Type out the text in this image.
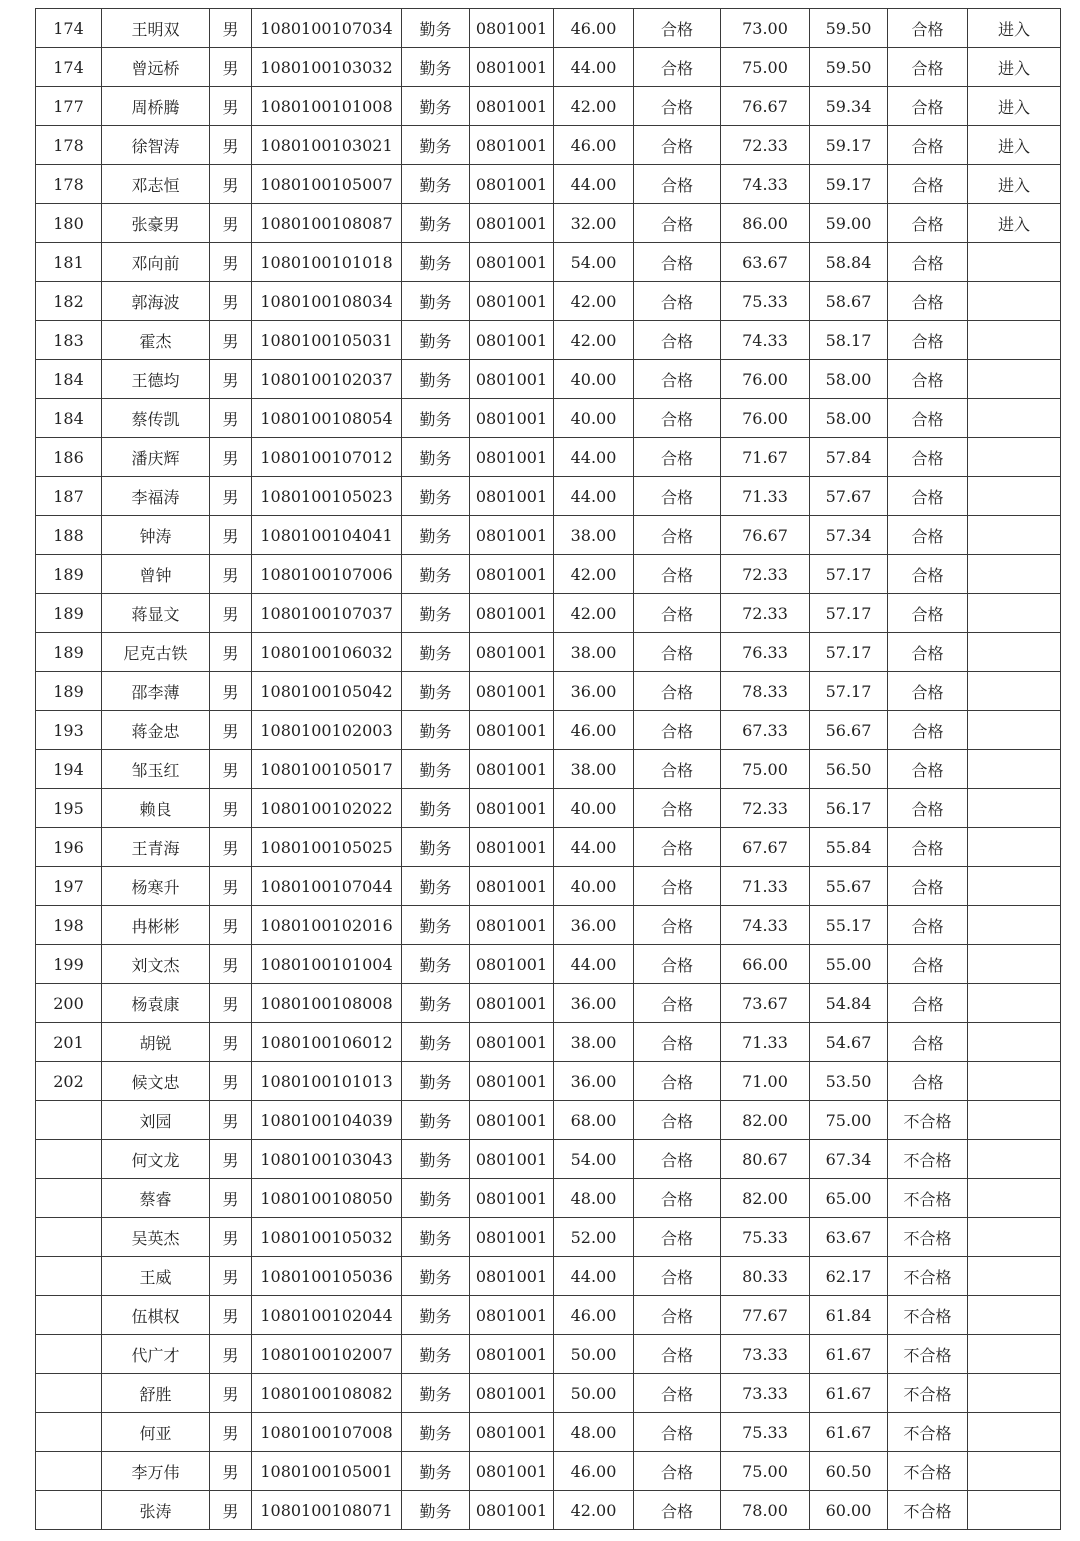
174	王明双	男	1080100107034	勤务	0801001	46.00	合格	73.00	59.50	合格	进入
174	曾远桥	男	1080100103032	勤务	0801001	44.00	合格	75.00	59.50	合格	进入
177	周桥腾	男	1080100101008	勤务	0801001	42.00	合格	76.67	59.34	合格	进入
178	徐智涛	男	1080100103021	勤务	0801001	46.00	合格	72.33	59.17	合格	进入
178	邓志恒	男	1080100105007	勤务	0801001	44.00	合格	74.33	59.17	合格	进入
180	张豪男	男	1080100108087	勤务	0801001	32.00	合格	86.00	59.00	合格	进入
181	邓向前	男	1080100101018	勤务	0801001	54.00	合格	63.67	58.84	合格	
182	郭海波	男	1080100108034	勤务	0801001	42.00	合格	75.33	58.67	合格	
183	霍杰	男	1080100105031	勤务	0801001	42.00	合格	74.33	58.17	合格	
184	王德均	男	1080100102037	勤务	0801001	40.00	合格	76.00	58.00	合格	
184	蔡传凯	男	1080100108054	勤务	0801001	40.00	合格	76.00	58.00	合格	
186	潘庆辉	男	1080100107012	勤务	0801001	44.00	合格	71.67	57.84	合格	
187	李福涛	男	1080100105023	勤务	0801001	44.00	合格	71.33	57.67	合格	
188	钟涛	男	1080100104041	勤务	0801001	38.00	合格	76.67	57.34	合格	
189	曾钟	男	1080100107006	勤务	0801001	42.00	合格	72.33	57.17	合格	
189	蒋显文	男	1080100107037	勤务	0801001	42.00	合格	72.33	57.17	合格	
189	尼克古铁	男	1080100106032	勤务	0801001	38.00	合格	76.33	57.17	合格	
189	邵李薄	男	1080100105042	勤务	0801001	36.00	合格	78.33	57.17	合格	
193	蒋金忠	男	1080100102003	勤务	0801001	46.00	合格	67.33	56.67	合格	
194	邹玉红	男	1080100105017	勤务	0801001	38.00	合格	75.00	56.50	合格	
195	赖良	男	1080100102022	勤务	0801001	40.00	合格	72.33	56.17	合格	
196	王青海	男	1080100105025	勤务	0801001	44.00	合格	67.67	55.84	合格	
197	杨寒升	男	1080100107044	勤务	0801001	40.00	合格	71.33	55.67	合格	
198	冉彬彬	男	1080100102016	勤务	0801001	36.00	合格	74.33	55.17	合格	
199	刘文杰	男	1080100101004	勤务	0801001	44.00	合格	66.00	55.00	合格	
200	杨袁康	男	1080100108008	勤务	0801001	36.00	合格	73.67	54.84	合格	
201	胡锐	男	1080100106012	勤务	0801001	38.00	合格	71.33	54.67	合格	
202	候文忠	男	1080100101013	勤务	0801001	36.00	合格	71.00	53.50	合格	
	刘园	男	1080100104039	勤务	0801001	68.00	合格	82.00	75.00	不合格	
	何文龙	男	1080100103043	勤务	0801001	54.00	合格	80.67	67.34	不合格	
	蔡睿	男	1080100108050	勤务	0801001	48.00	合格	82.00	65.00	不合格	
	吴英杰	男	1080100105032	勤务	0801001	52.00	合格	75.33	63.67	不合格	
	王威	男	1080100105036	勤务	0801001	44.00	合格	80.33	62.17	不合格	
	伍棋权	男	1080100102044	勤务	0801001	46.00	合格	77.67	61.84	不合格	
	代广才	男	1080100102007	勤务	0801001	50.00	合格	73.33	61.67	不合格	
	舒胜	男	1080100108082	勤务	0801001	50.00	合格	73.33	61.67	不合格	
	何亚	男	1080100107008	勤务	0801001	48.00	合格	75.33	61.67	不合格	
	李万伟	男	1080100105001	勤务	0801001	46.00	合格	75.00	60.50	不合格	
	张涛	男	1080100108071	勤务	0801001	42.00	合格	78.00	60.00	不合格	
